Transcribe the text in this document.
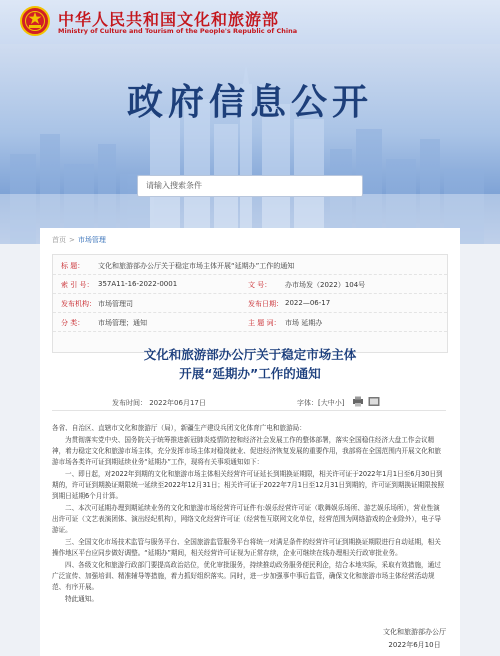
中华人民共和国文化和旅游部
Ministry of Culture and Tourism of the People's Republic of China
政府信息公开
请输入搜索条件
首页 > 市场管理
标 题： 文化和旅游部办公厅关于稳定市场主体开展“延期办”工作的通知
索 引 号： 357A11-16-2022-0001	文 号： 办市场发（2022）104号
发布机构： 市场管理司	发布日期： 2022—06-17
分 类： 市场管理；通知	主 题 词： 市场 延期办
文化和旅游部办公厅关于稳定市场主体
开展“延期办”工作的通知
发布时间： 2022年06月17日	字体：[大中小]

各省、自治区、直辖市文化和旅游厅（局），新疆生产建设兵团文化体育广电和旅游局：

为贯彻落实党中央、国务院关于统筹推进新冠肺炎疫情防控和经济社会发展工作的整体部署，落实全国稳住经济大盘工作会议精神，着力稳定文化和旅游市场主体，充分发挥市场主体对稳岗就业、促进经济恢复发展的重要作用，我部将在全国范围内开展文化和旅游市场各类许可证到期延续业务“延期办”工作，现将有关事项通知如下：

一、即日起，对2022年到期的文化和旅游市场主体相关经营许可证延长到期换证期限，相关许可证于2022年1月1日至6月30日到期的，许可证到期换证期限统一延续至2022年12月31日；相关许可证于2022年7月1日至12月31日到期的，许可证到期换证期限按照到期日延期6个月计算。

二、本次可延期办理到期延续业务的文化和旅游市场经营许可证件有:娱乐经营许可证（歌舞娱乐场所、游艺娱乐场所），营业性演出许可证（文艺表演团体、演出经纪机构），网络文化经营许可证（经营性互联网文化单位，经营范围为网络游戏的企业除外），电子导游证。

三、全国文化市场技术监管与服务平台、全国旅游监管服务平台将统一对满足条件的经营许可证到期换证期限进行自动延期，相关操作地区平台应同步做好调整。“延期办”期间，相关经营许可证视为正常存续，企业可继续在线办理相关行政审批业务。

四、各级文化和旅游行政部门要提高政治站位，优化审批服务，持续推动政务服务便民利企，结合本地实际，采取有效措施，通过广泛宣传、加强培训、精准辅导等措施，着力抓好组织落实。同时，进一步加强事中事后监管，确保文化和旅游市场主体经营活动规范、有序开展。

特此通知。

文化和旅游部办公厅
2022年6月10日
